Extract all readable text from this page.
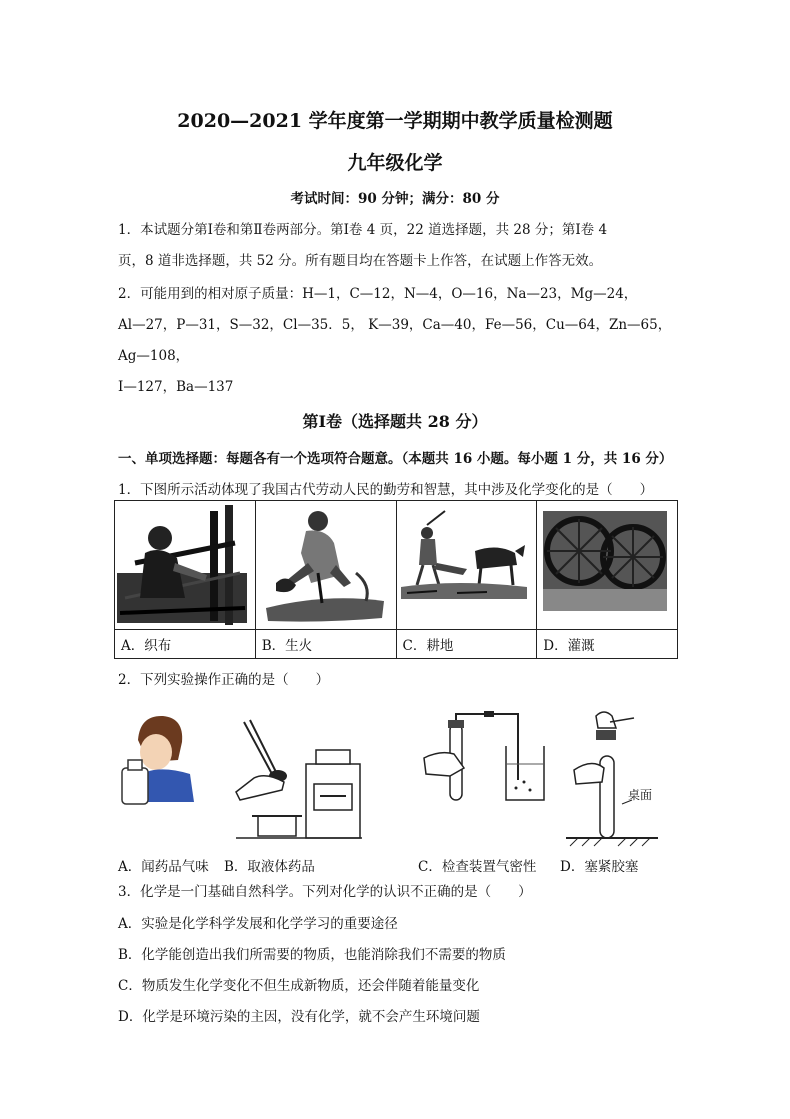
2020—2021 学年度第一学期期中教学质量检测题
九年级化学
考试时间：90 分钟；满分：80 分
1．本试题分第Ⅰ卷和第Ⅱ卷两部分。第Ⅰ卷 4 页，22 道选择题，共 28 分；第Ⅰ卷 4
页，8 道非选择题，共 52 分。所有题目均在答题卡上作答，在试题上作答无效。
2．可能用到的相对原子质量：H—1，C—12，N—4，O—16，Na—23，Mg—24，
Al—27，P—31，S—32，Cl—35．5， K—39，Ca—40，Fe—56，Cu—64，Zn—65，
Ag—108，
I—127，Ba—137
第Ⅰ卷（选择题共 28 分）
一、单项选择题：每题各有一个选项符合题意。（本题共 16 小题。每小题 1 分，共 16 分）
1．下图所示活动体现了我国古代劳动人民的勤劳和智慧，其中涉及化学变化的是（　　）

A．织布	B．生火	C．耕地	D．灌溉
2．下列实验操作正确的是（　　）
桌面
A．闻药品气味 B．取液体药品	C．检查装置气密性 D．塞紧胶塞
3．化学是一门基础自然科学。下列对化学的认识不正确的是（　　）
A．实验是化学科学发展和化学学习的重要途径
B．化学能创造出我们所需要的物质，也能消除我们不需要的物质
C．物质发生化学变化不但生成新物质，还会伴随着能量变化
D．化学是环境污染的主因，没有化学，就不会产生环境问题
